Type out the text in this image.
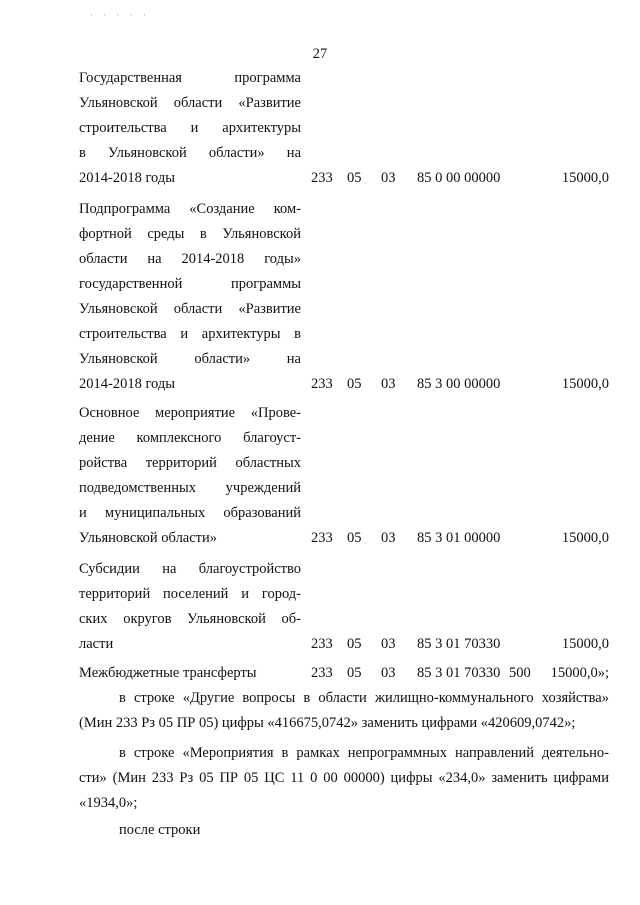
· · · · ·
27
Государственная программа
Ульяновской области «Развитие
строительства и архитектуры
в Ульяновской области» на
2014-2018 годы	233 05 03 85 0 00 00000	15000,0
Подпрограмма «Создание ком-
фортной среды в Ульяновской
области на 2014-2018 годы»
государственной программы
Ульяновской области «Развитие
строительства и архитектуры в
Ульяновской области» на
2014-2018 годы	233 05 03 85 3 00 00000	15000,0
Основное мероприятие «Прове-
дение комплексного благоуст-
ройства территорий областных
подведомственных учреждений
и муниципальных образований
Ульяновской области»	233 05 03 85 3 01 00000	15000,0
Субсидии на благоустройство
территорий поселений и город-
ских округов Ульяновской об-
ласти	233 05 03 85 3 01 70330	15000,0
Межбюджетные трансферты	233 05 03 85 3 01 70330 500 15000,0»;
в строке «Другие вопросы в области жилищно-коммунального хозяйства»
(Мин 233 Рз 05 ПР 05) цифры «416675,0742» заменить цифрами «420609,0742»;
в строке «Мероприятия в рамках непрограммных направлений деятельно-
сти» (Мин 233 Рз 05 ПР 05 ЦС 11 0 00 00000) цифры «234,0» заменить цифрами
«1934,0»;
после строки
